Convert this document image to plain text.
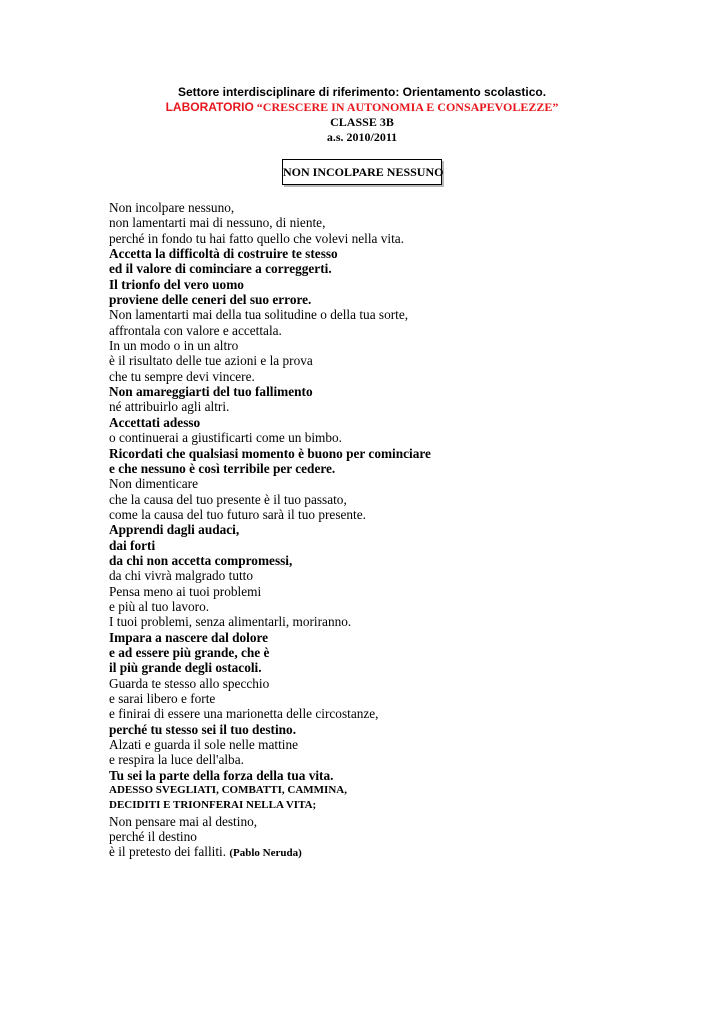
Settore interdisciplinare di riferimento: Orientamento scolastico.
LABORATORIO “CRESCERE IN AUTONOMIA E CONSAPEVOLEZZE”
CLASSE 3B
a.s. 2010/2011
NON INCOLPARE NESSUNO
Non incolpare nessuno,
non lamentarti mai di nessuno, di niente,
perché in fondo tu hai fatto quello che volevi nella vita.
Accetta la difficoltà di costruire te stesso
ed il valore di cominciare a correggerti.
Il trionfo del vero uomo
proviene delle ceneri del suo errore.
Non lamentarti mai della tua solitudine o della tua sorte,
affrontala con valore e accettala.
In un modo o in un altro
è il risultato delle tue azioni e la prova
che tu sempre devi vincere.
Non amareggiarti del tuo fallimento
né attribuirlo agli altri.
Accettati adesso
o continuerai a giustificarti come un bimbo.
Ricordati che qualsiasi momento è buono per cominciare
e che nessuno è così terribile per cedere.
Non dimenticare
che la causa del tuo presente è il tuo passato,
come la causa del tuo futuro sarà il tuo presente.
Apprendi dagli audaci,
dai forti
da chi non accetta compromessi,
da chi vivrà malgrado tutto
Pensa meno ai tuoi problemi
e più al tuo lavoro.
I tuoi problemi, senza alimentarli, moriranno.
Impara a nascere dal dolore
e ad essere più grande, che è
il più grande degli ostacoli.
Guarda te stesso allo specchio
e sarai libero e forte
e finirai di essere una marionetta delle circostanze,
perché tu stesso sei il tuo destino.
Alzati e guarda il sole nelle mattine
e respira la luce dell'alba.
Tu sei la parte della forza della tua vita.
ADESSO SVEGLIATI, COMBATTI, CAMMINA,
DECIDITI E TRIONFERAI NELLA VITA;
Non pensare mai al destino,
perché il destino
è il pretesto dei falliti. (Pablo Neruda)
